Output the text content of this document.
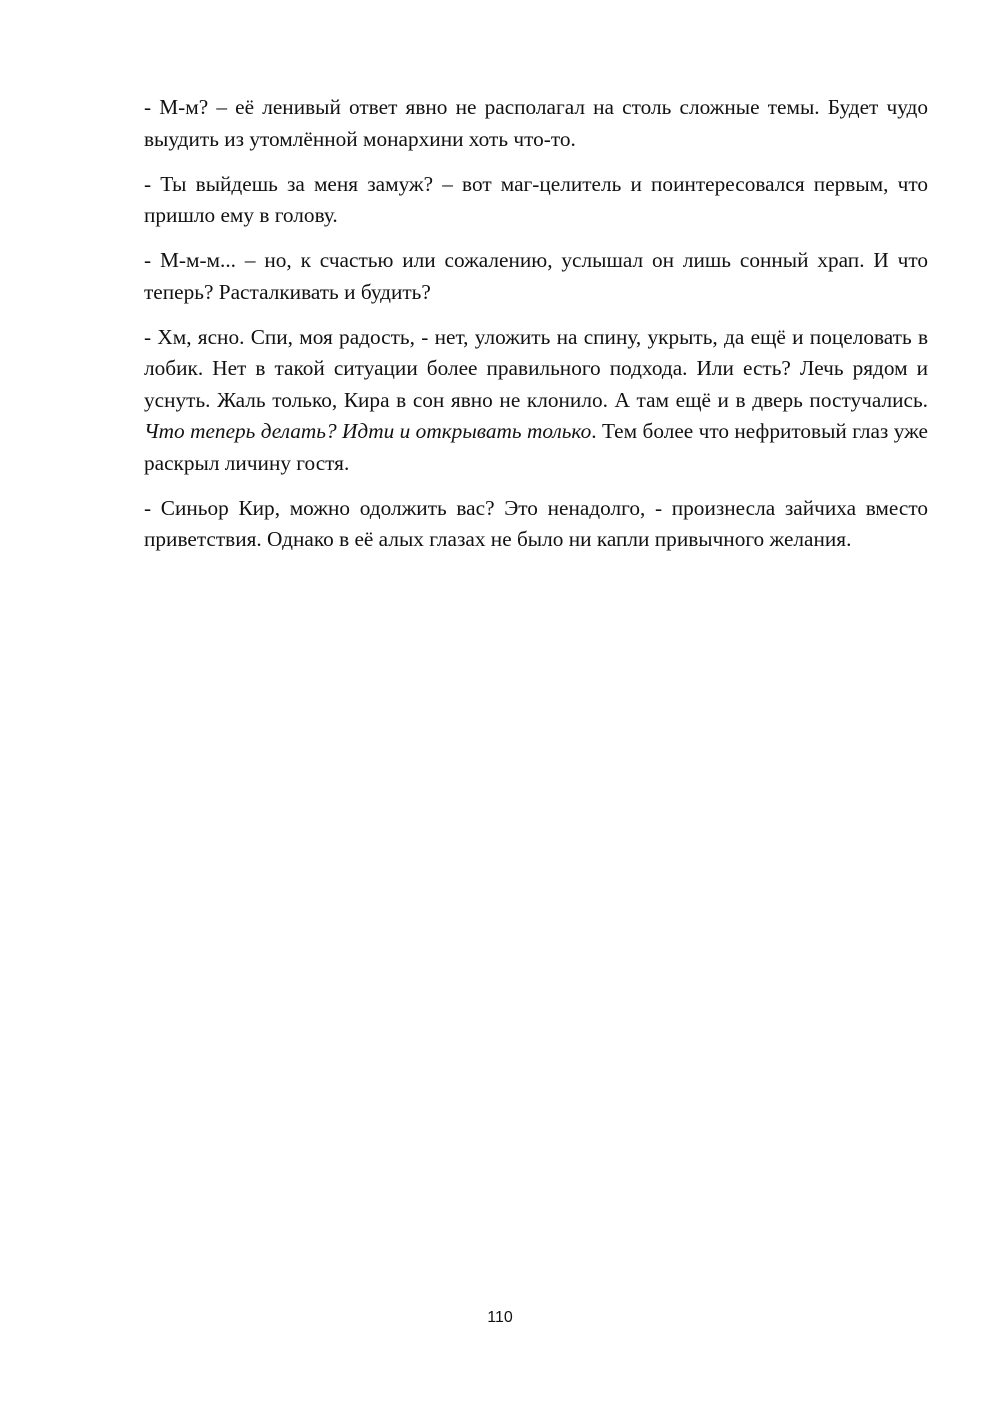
- М-м? – её ленивый ответ явно не располагал на столь сложные темы. Будет чудо выудить из утомлённой монархини хоть что-то.

- Ты выйдешь за меня замуж? – вот маг-целитель и поинтересовался первым, что пришло ему в голову.

- М-м-м... – но, к счастью или сожалению, услышал он лишь сонный храп. И что теперь? Расталкивать и будить?

- Хм, ясно. Спи, моя радость, - нет, уложить на спину, укрыть, да ещё и поцеловать в лобик. Нет в такой ситуации более правильного подхода. Или есть? Лечь рядом и уснуть. Жаль только, Кира в сон явно не клонило. А там ещё и в дверь постучались. Что теперь делать? Идти и открывать только. Тем более что нефритовый глаз уже раскрыл личину гостя.

- Синьор Кир, можно одолжить вас? Это ненадолго, - произнесла зайчиха вместо приветствия. Однако в её алых глазах не было ни капли привычного желания.

110
